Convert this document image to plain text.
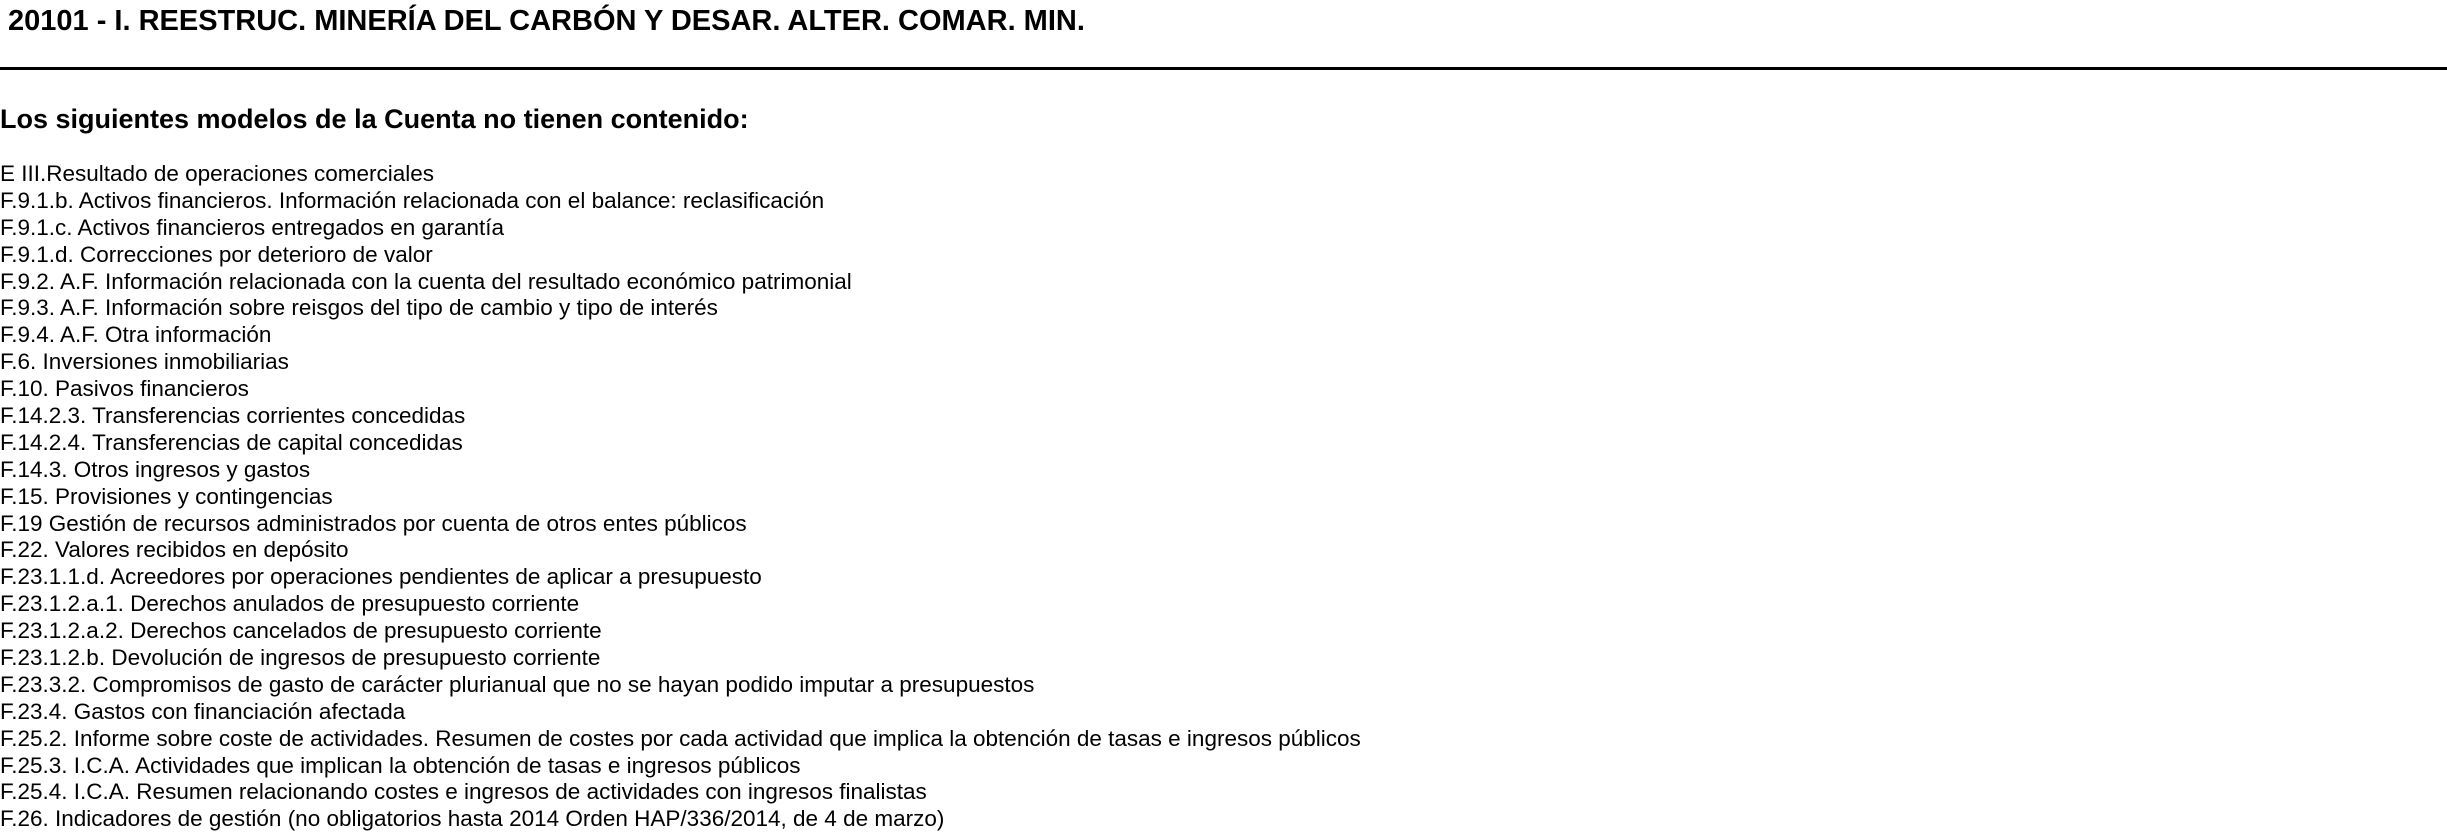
20101 - I. REESTRUC. MINERÍA DEL CARBÓN Y DESAR. ALTER. COMAR. MIN.
Los siguientes modelos de la Cuenta no tienen contenido:
E III.Resultado de operaciones comerciales
F.9.1.b. Activos financieros. Información relacionada con el balance: reclasificación
F.9.1.c. Activos financieros entregados en garantía
F.9.1.d. Correcciones por deterioro de valor
F.9.2. A.F. Información relacionada con la cuenta del resultado económico patrimonial
F.9.3. A.F. Información sobre reisgos del tipo de cambio y tipo de interés
F.9.4. A.F. Otra información
F.6. Inversiones inmobiliarias
F.10. Pasivos financieros
F.14.2.3. Transferencias corrientes concedidas
F.14.2.4. Transferencias de capital concedidas
F.14.3. Otros ingresos y gastos
F.15. Provisiones y contingencias
F.19 Gestión de recursos administrados por cuenta de otros entes públicos
F.22. Valores recibidos en depósito
F.23.1.1.d. Acreedores por operaciones pendientes de aplicar a presupuesto
F.23.1.2.a.1. Derechos anulados de presupuesto corriente
F.23.1.2.a.2. Derechos cancelados de presupuesto corriente
F.23.1.2.b. Devolución de ingresos de presupuesto corriente
F.23.3.2. Compromisos de gasto de carácter plurianual que no se hayan podido imputar a presupuestos
F.23.4. Gastos con financiación afectada
F.25.2. Informe sobre coste de actividades. Resumen de costes por cada actividad que implica la obtención de tasas e ingresos públicos
F.25.3. I.C.A. Actividades que implican la obtención de tasas e ingresos públicos
F.25.4. I.C.A. Resumen relacionando costes e ingresos de actividades con ingresos finalistas
F.26. Indicadores de gestión (no obligatorios hasta 2014 Orden HAP/336/2014, de 4 de marzo)
